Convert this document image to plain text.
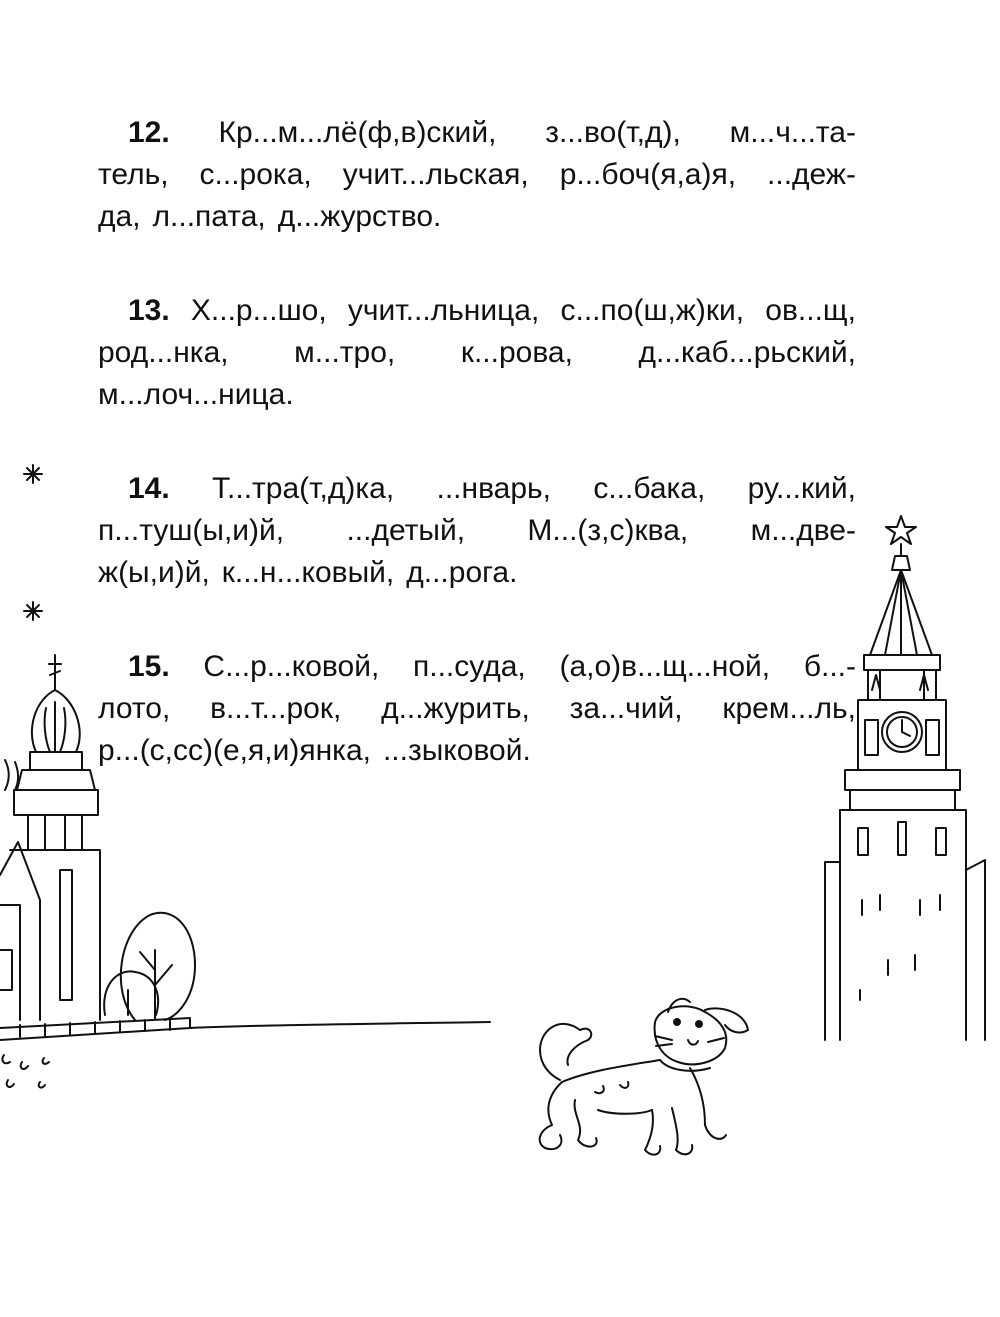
12. Кр...м...лё(ф,в)ский, з...во(т,д), м...ч...та-
тель, с...рока, учит...льская, р...боч(я,а)я, ...деж-
да, л...пата, д...журство.
13. Х...р...шо, учит...льница, с...по(ш,ж)ки, ов...щ,
род...нка, м...тро, к...рова, д...каб...рьский,
м...лоч...ница.
14. Т...тра(т,д)ка, ...нварь, с...бака, ру...кий,
п...туш(ы,и)й, ...детый, М...(з,с)ква, м...две-
ж(ы,и)й, к...н...ковый, д...рога.
15. С...р...ковой, п...суда, (а,о)в...щ...ной, б...-
лото, в...т...рок, д...журить, за...чий, крем...ль,
р...(с,сс)(е,я,и)янка, ...зыковой.
